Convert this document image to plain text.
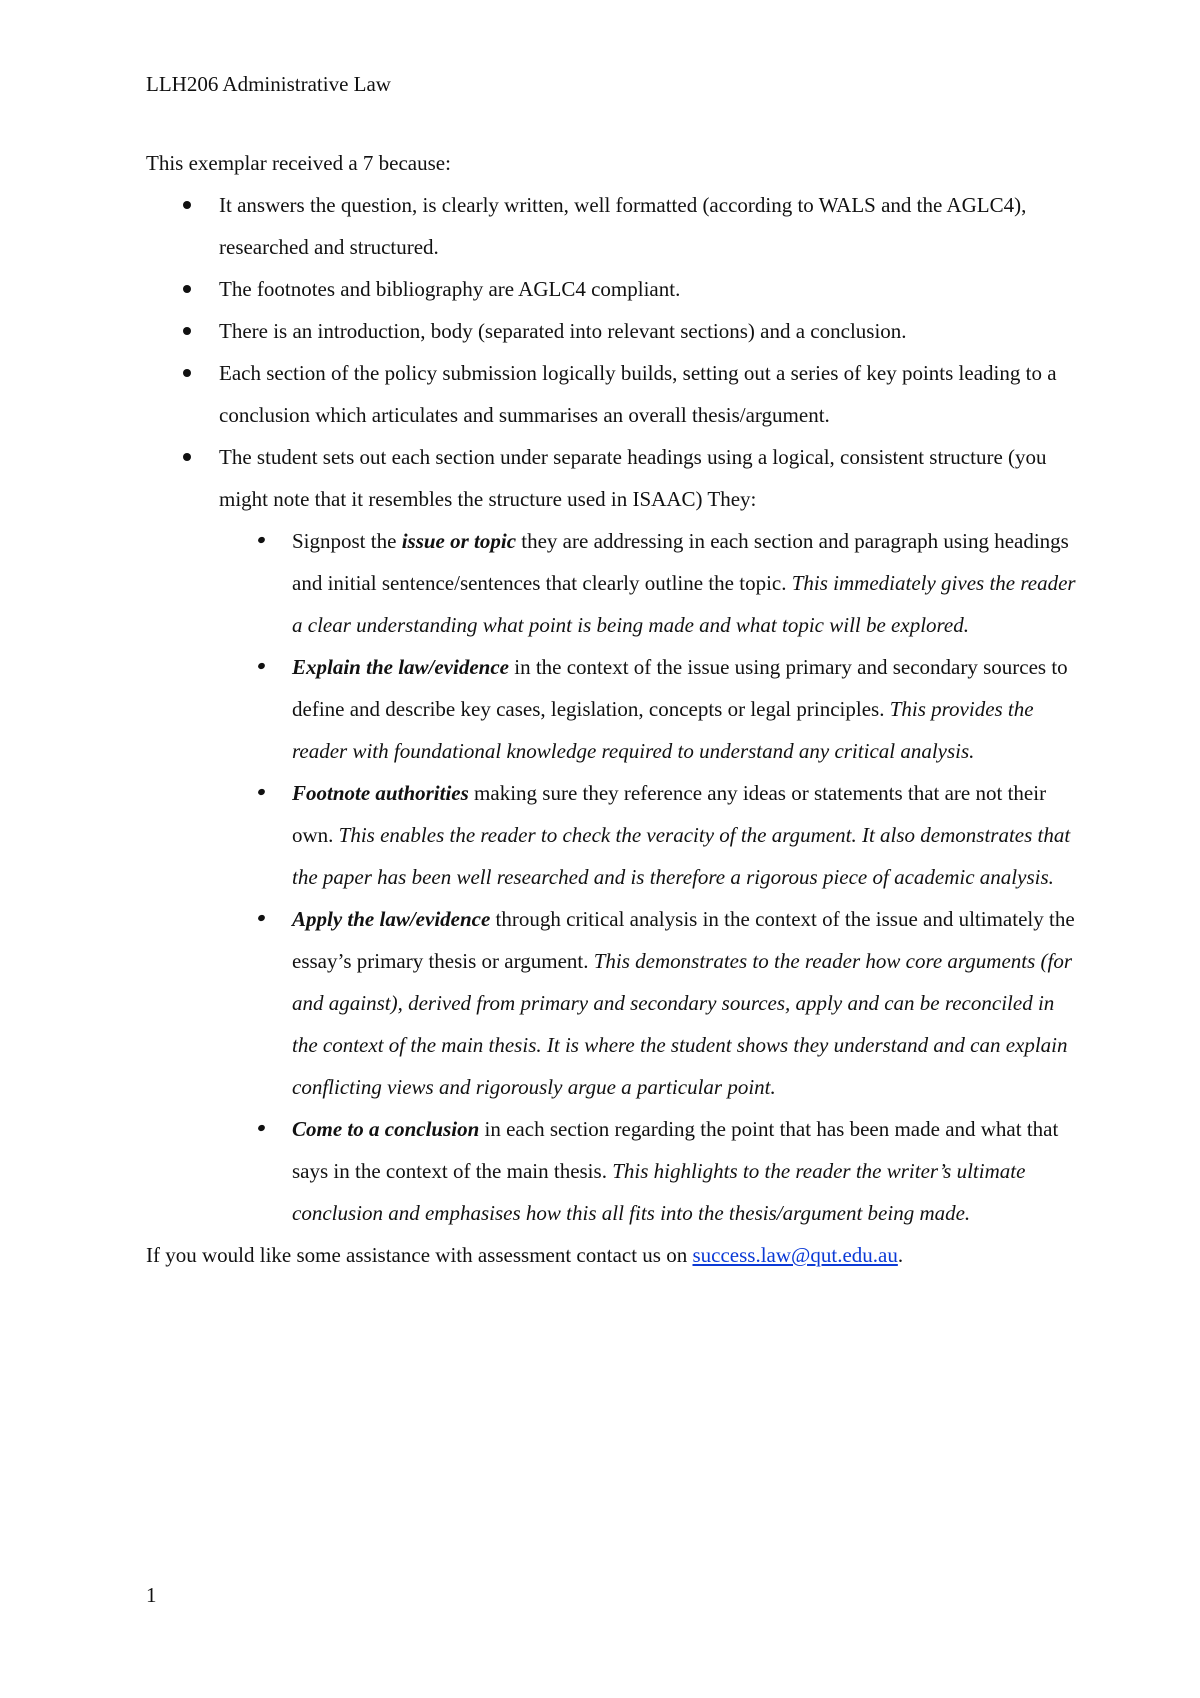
LLH206 Administrative Law

This exemplar received a 7 because:

It answers the question, is clearly written, well formatted (according to WALS and the AGLC4), researched and structured.
The footnotes and bibliography are AGLC4 compliant.
There is an introduction, body (separated into relevant sections) and a conclusion.
Each section of the policy submission logically builds, setting out a series of key points leading to a conclusion which articulates and summarises an overall thesis/argument.
The student sets out each section under separate headings using a logical, consistent structure (you might note that it resembles the structure used in ISAAC) They:
Signpost the issue or topic they are addressing in each section and paragraph using headings and initial sentence/sentences that clearly outline the topic. This immediately gives the reader a clear understanding what point is being made and what topic will be explored.
Explain the law/evidence in the context of the issue using primary and secondary sources to define and describe key cases, legislation, concepts or legal principles. This provides the reader with foundational knowledge required to understand any critical analysis.
Footnote authorities making sure they reference any ideas or statements that are not their own. This enables the reader to check the veracity of the argument. It also demonstrates that the paper has been well researched and is therefore a rigorous piece of academic analysis.
Apply the law/evidence through critical analysis in the context of the issue and ultimately the essay’s primary thesis or argument. This demonstrates to the reader how core arguments (for and against), derived from primary and secondary sources, apply and can be reconciled in the context of the main thesis. It is where the student shows they understand and can explain conflicting views and rigorously argue a particular point.
Come to a conclusion in each section regarding the point that has been made and what that says in the context of the main thesis. This highlights to the reader the writer’s ultimate conclusion and emphasises how this all fits into the thesis/argument being made.

If you would like some assistance with assessment contact us on success.law@qut.edu.au.

1
